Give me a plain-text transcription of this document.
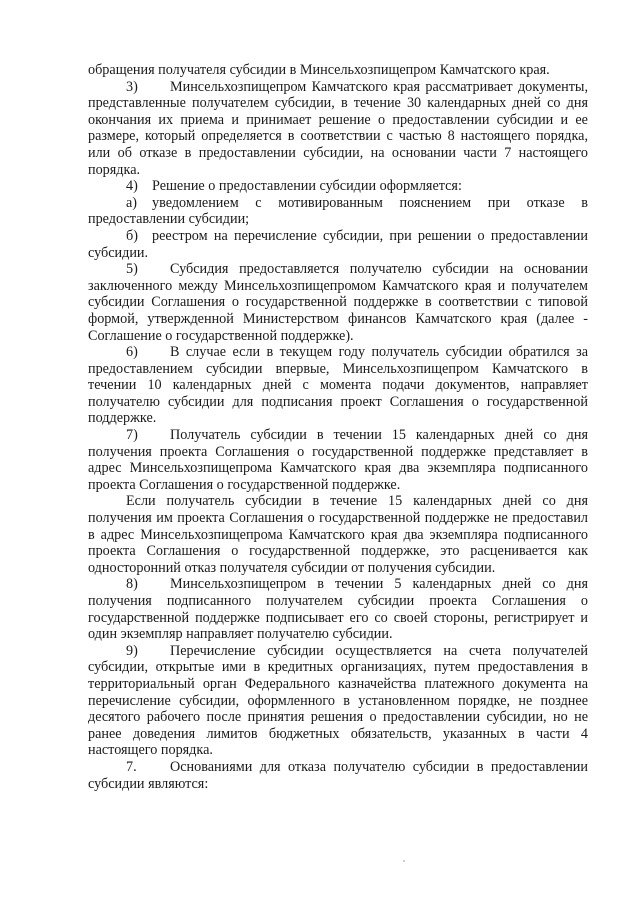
обращения получателя субсидии в Минсельхозпищепром Камчатского края.

3) Минсельхозпищепром Камчатского края рассматривает документы, представленные получателем субсидии, в течение 30 календарных дней со дня окончания их приема и принимает решение о предоставлении субсидии и ее размере, который определяется в соответствии с частью 8 настоящего порядка, или об отказе в предоставлении субсидии, на основании части 7 настоящего порядка.

4) Решение о предоставлении субсидии оформляется:

а) уведомлением с мотивированным пояснением при отказе в предоставлении субсидии;

б) реестром на перечисление субсидии, при решении о предоставлении субсидии.

5) Субсидия предоставляется получателю субсидии на основании заключенного между Минсельхозпищепромом Камчатского края и получателем субсидии Соглашения о государственной поддержке в соответствии с типовой формой, утвержденной Министерством финансов Камчатского края (далее - Соглашение о государственной поддержке).

6) В случае если в текущем году получатель субсидии обратился за предоставлением субсидии впервые, Минсельхозпищепром Камчатского в течении 10 календарных дней с момента подачи документов, направляет получателю субсидии для подписания проект Соглашения о государственной поддержке.

7) Получатель субсидии в течении 15 календарных дней со дня получения проекта Соглашения о государственной поддержке представляет в адрес Минсельхозпищепрома Камчатского края два экземпляра подписанного проекта Соглашения о государственной поддержке.

Если получатель субсидии в течение 15 календарных дней со дня получения им проекта Соглашения о государственной поддержке не предоставил в адрес Минсельхозпищепрома Камчатского края два экземпляра подписанного проекта Соглашения о государственной поддержке, это расценивается как односторонний отказ получателя субсидии от получения субсидии.

8) Минсельхозпищепром в течении 5 календарных дней со дня получения подписанного получателем субсидии проекта Соглашения о государственной поддержке подписывает его со своей стороны, регистрирует и один экземпляр направляет получателю субсидии.

9) Перечисление субсидии осуществляется на счета получателей субсидии, открытые ими в кредитных организациях, путем предоставления в территориальный орган Федерального казначейства платежного документа на перечисление субсидии, оформленного в установленном порядке, не позднее десятого рабочего после принятия решения о предоставлении субсидии, но не ранее доведения лимитов бюджетных обязательств, указанных в части 4 настоящего порядка.

7. Основаниями для отказа получателю субсидии в предоставлении субсидии являются:
